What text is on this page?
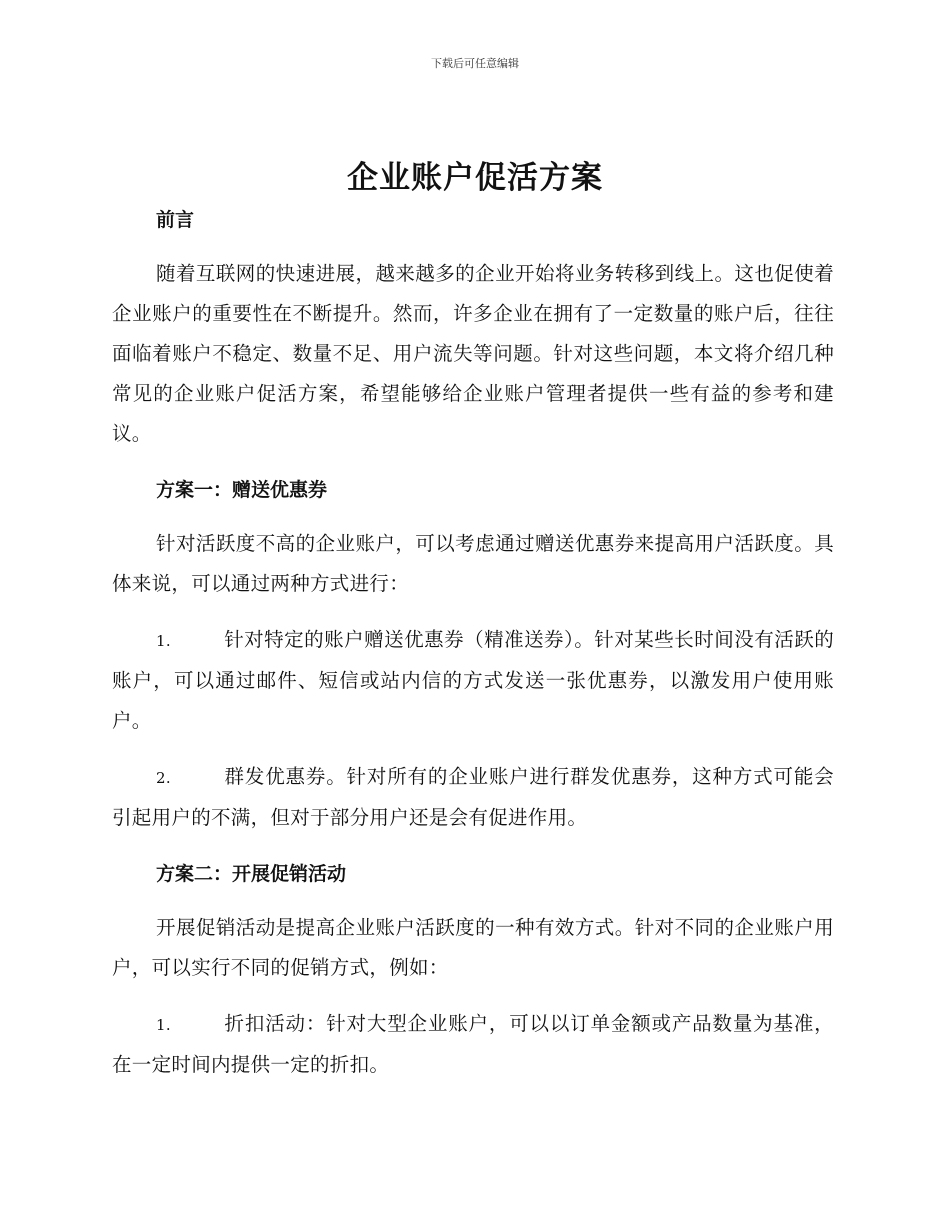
下载后可任意编辑
企业账户促活方案

前言

随着互联网的快速进展，越来越多的企业开始将业务转移到线上。这也促使着企业账户的重要性在不断提升。然而，许多企业在拥有了一定数量的账户后，往往面临着账户不稳定、数量不足、用户流失等问题。针对这些问题，本文将介绍几种常见的企业账户促活方案，希望能够给企业账户管理者提供一些有益的参考和建议。

方案一：赠送优惠券

针对活跃度不高的企业账户，可以考虑通过赠送优惠券来提高用户活跃度。具体来说，可以通过两种方式进行：

1.	针对特定的账户赠送优惠券（精准送券）。针对某些长时间没有活跃的账户，可以通过邮件、短信或站内信的方式发送一张优惠券，以激发用户使用账户。

2.	群发优惠券。针对所有的企业账户进行群发优惠券，这种方式可能会引起用户的不满，但对于部分用户还是会有促进作用。

方案二：开展促销活动

开展促销活动是提高企业账户活跃度的一种有效方式。针对不同的企业账户用户，可以实行不同的促销方式，例如：

1.	折扣活动：针对大型企业账户，可以以订单金额或产品数量为基准，在一定时间内提供一定的折扣。
